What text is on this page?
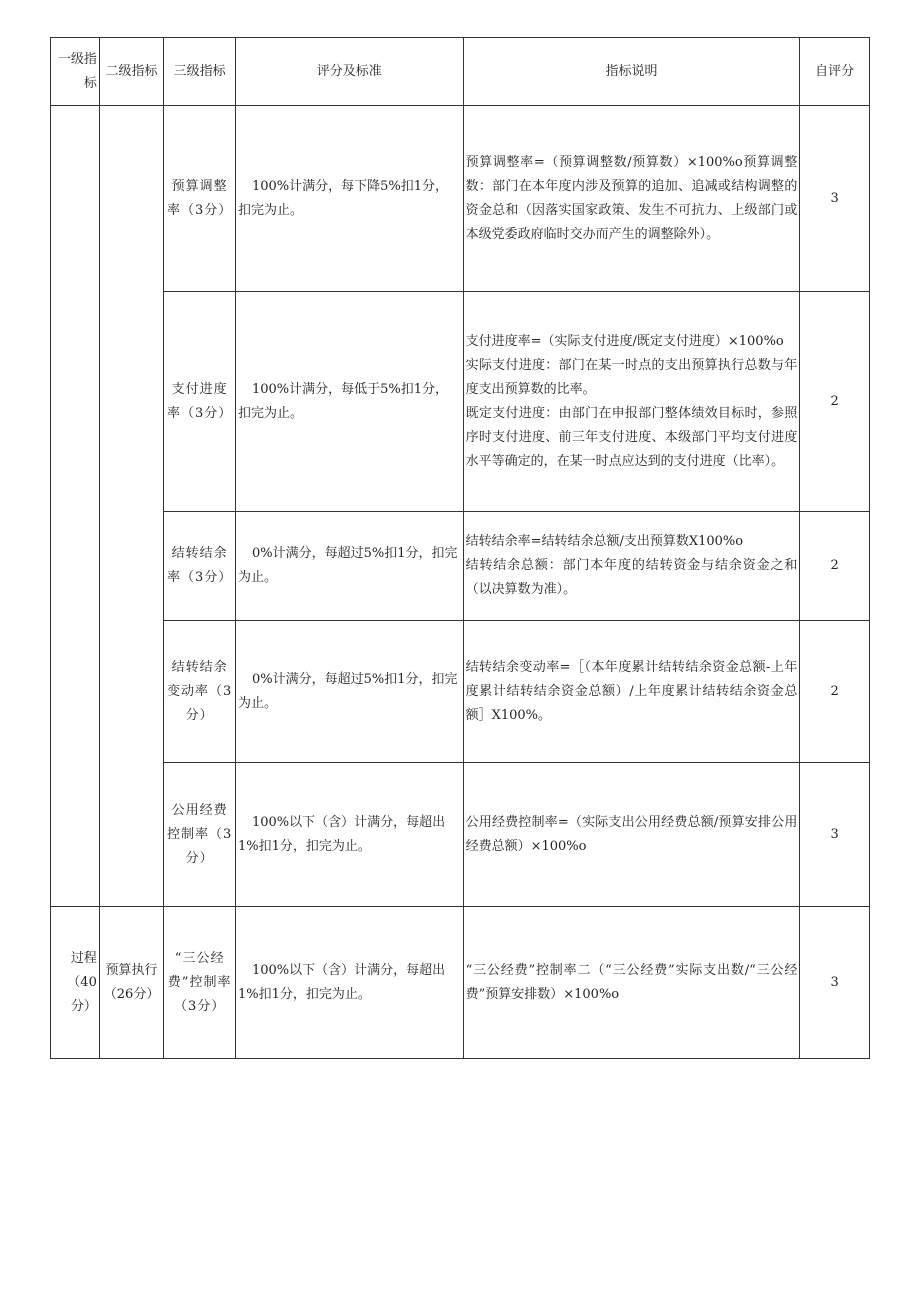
一级指标	二级指标	三级指标	评分及标准	指标说明	自评分
		预算调整率（3分）	100%计满分，每下降5%扣1分，扣完为止。	预算调整率=（预算调整数/预算数）×100%o预算调整数：部门在本年度内涉及预算的追加、追减或结构调整的资金总和（因落实国家政策、发生不可抗力、上级部门或本级党委政府临时交办而产生的调整除外）。	3
		支付进度率（3分）	100%计满分，每低于5%扣1分，扣完为止。	支付进度率=（实际支付进度/既定支付进度）×100%o
实际支付进度：部门在某一时点的支出预算执行总数与年度支出预算数的比率。
既定支付进度：由部门在申报部门整体绩效目标时，参照序时支付进度、前三年支付进度、本级部门平均支付进度水平等确定的，在某一时点应达到的支付进度（比率）。	2
		结转结余率（3分）	0%计满分，每超过5%扣1分，扣完为止。	结转结余率=结转结余总额/支出预算数X100%o
结转结余总额：部门本年度的结转资金与结余资金之和（以决算数为准）。	2
		结转结余变动率（3分）	0%计满分，每超过5%扣1分，扣完为止。	结转结余变动率=［（本年度累计结转结余资金总额-上年度累计结转结余资金总额）/上年度累计结转结余资金总额］X100%。	2
		公用经费控制率（3分）	100%以下（含）计满分，每超出1%扣1分，扣完为止。	公用经费控制率=（实际支出公用经费总额/预算安排公用经费总额）×100%o	3
过程（40分）	预算执行（26分）	“三公经费”控制率（3分）	100%以下（含）计满分，每超出1%扣1分，扣完为止。	“三公经费”控制率二（“三公经费”实际支出数/“三公经费”预算安排数）×100%o	3
